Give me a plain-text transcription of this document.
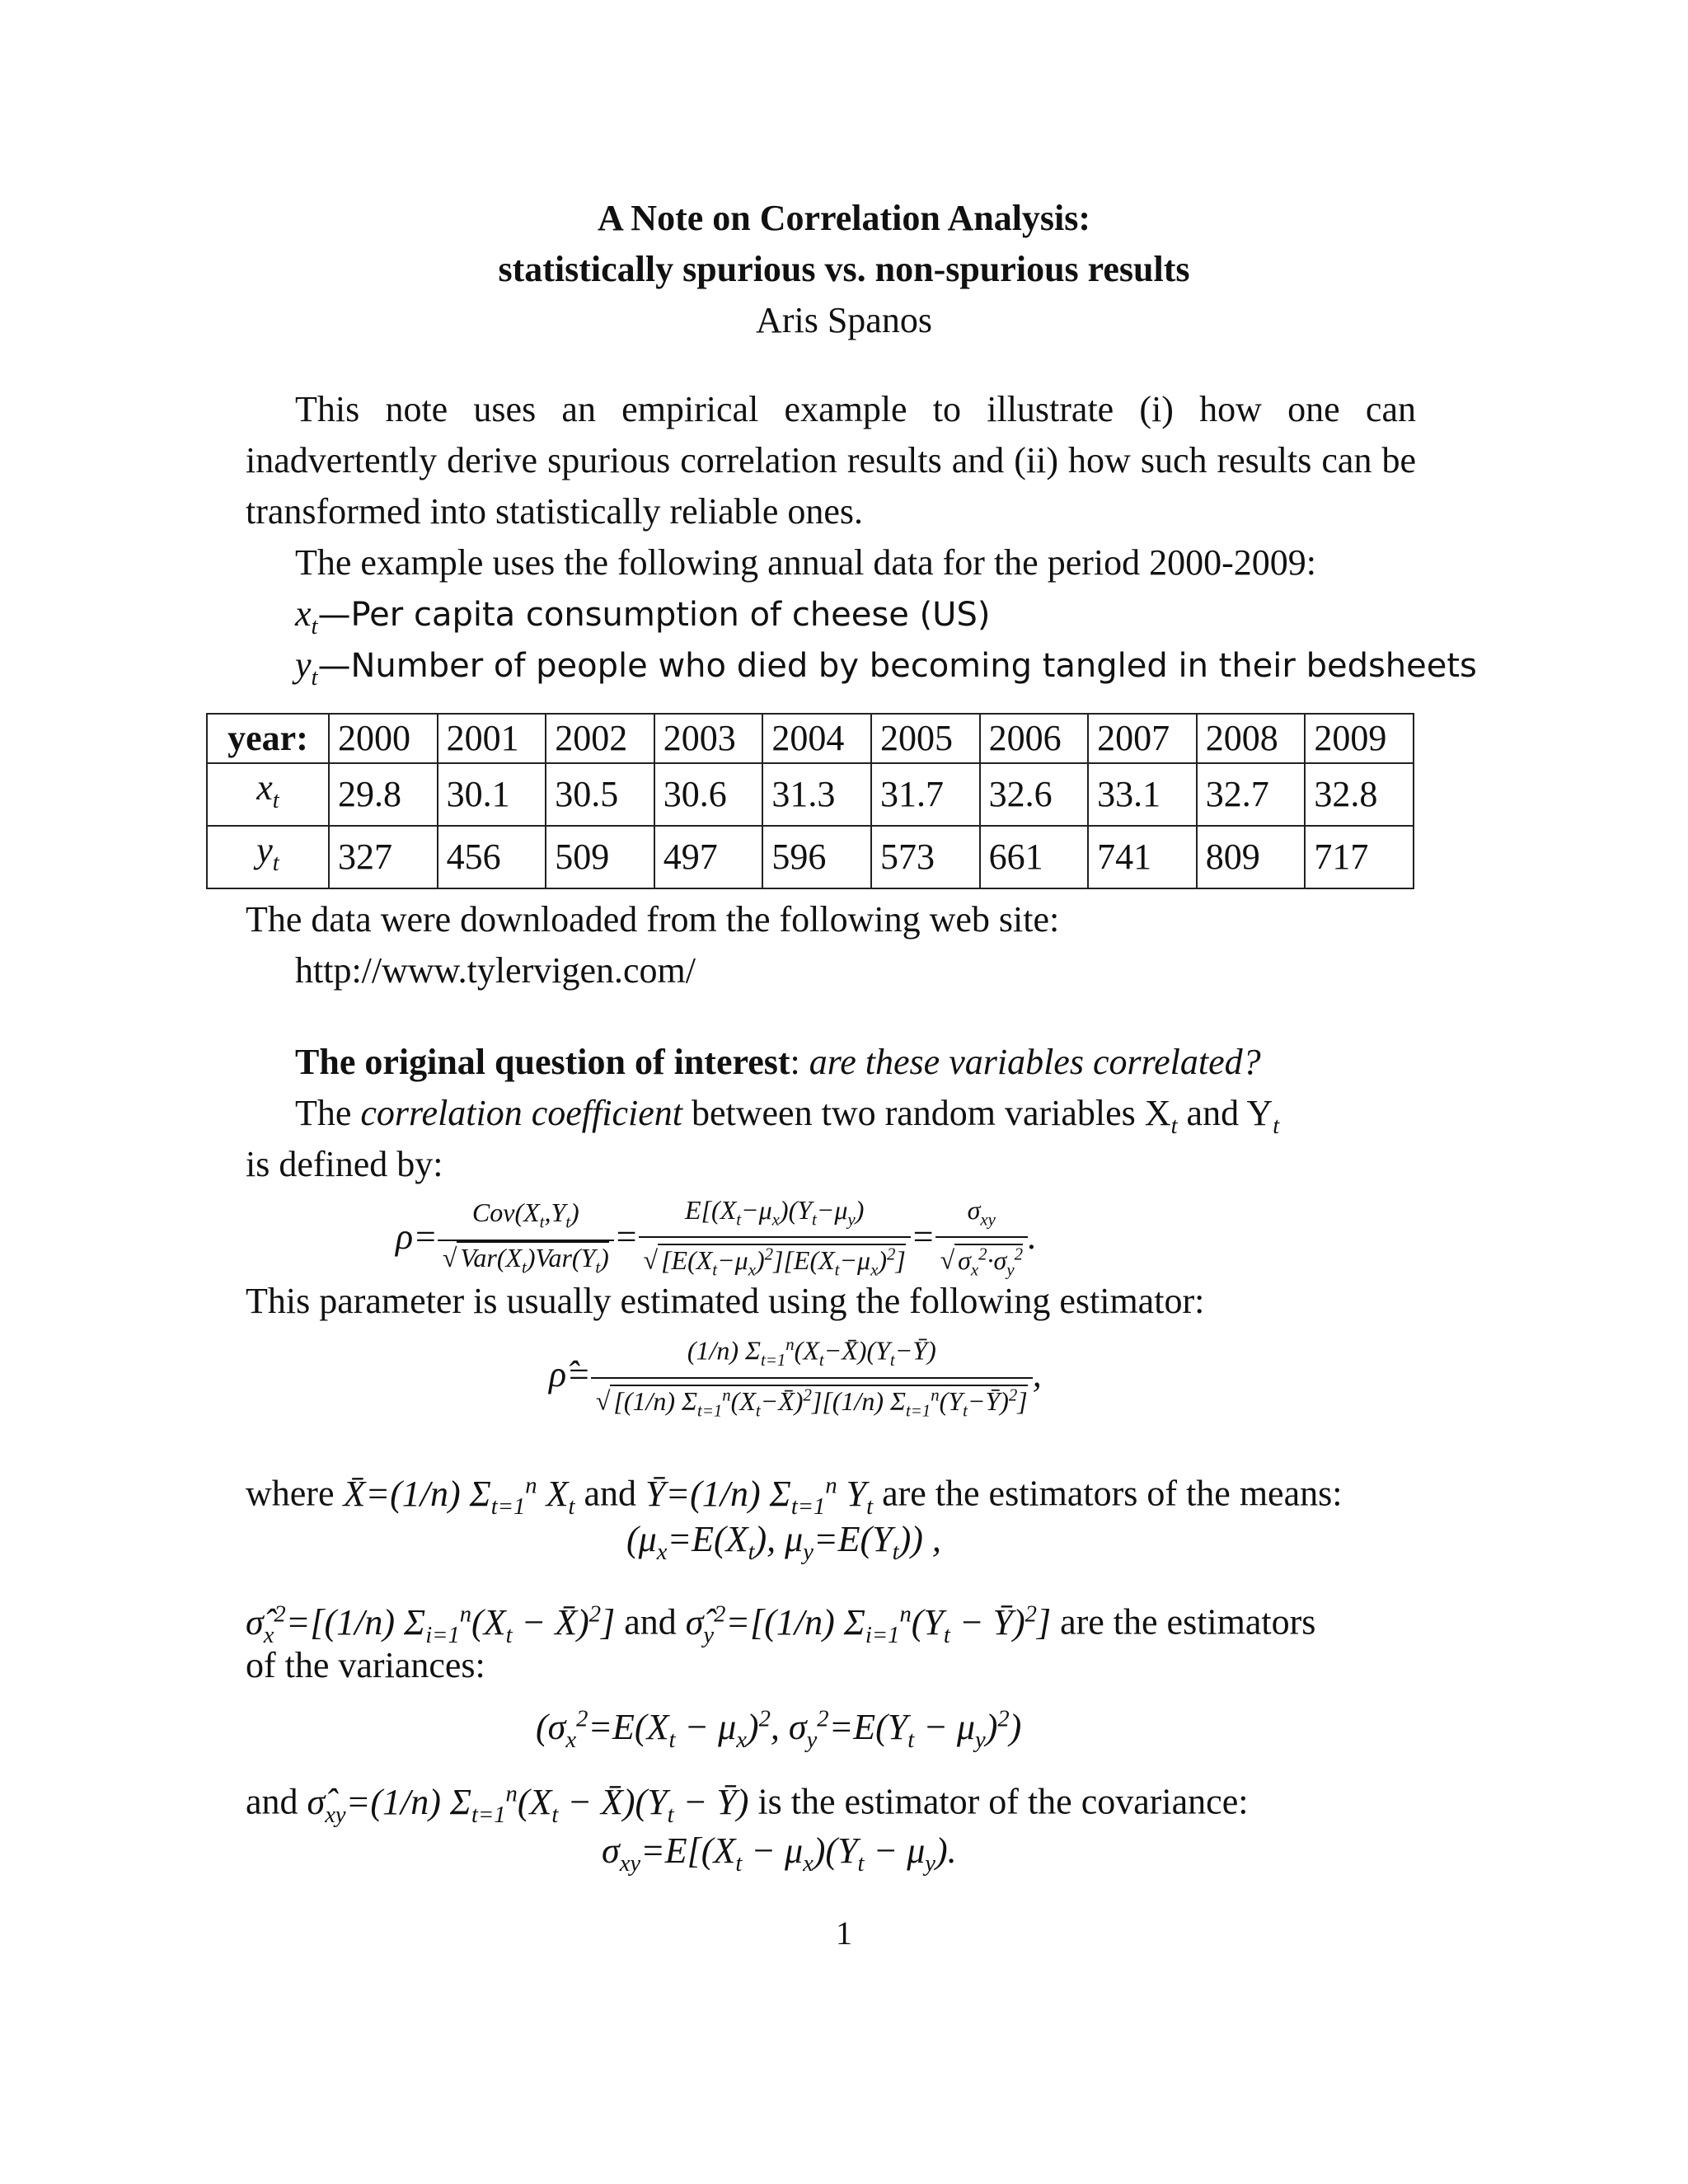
A Note on Correlation Analysis:
statistically spurious vs. non-spurious results
Aris Spanos
This note uses an empirical example to illustrate (i) how one can inadvertently derive spurious correlation results and (ii) how such results can be transformed into statistically reliable ones.
The example uses the following annual data for the period 2000-2009:
$x_t—Per$ capita consumption of cheese (US)
$y_t—Number$ of people who died by becoming tangled in their bedsheets
year:	2000	2001	2002	2003	2004	2005	2006	2007	2008	2009
$x_t$	29.8	30.1	30.5	30.6	31.3	31.7	32.6	33.1	32.7	32.8
$y_t$	327	456	509	497	596	573	661	741	809	717
The data were downloaded from the following web site:
http://www.tylervigen.com/
The original question of interest: are these variables correlated?
The correlation coefficient between two random variables $X_t$ and $Y_t$
is defined by:
$\rho= \frac{Cov(X_t,Y_t)}{√ Var(X_t)Var(Y_t)} = \frac{E[(X_t-\mu_x)(Y_t-\mu_y)}{√ [E(X_t-\mu_x)^2][E(X_t-\mu_x)^2]} = \frac{\sigma_{xy}}{√ \sigma_x^2\cdot\sigma_y^2}$ .
This parameter is usually estimated using the following estimator:
ρ̂= $\frac{(1/n) \Sigma_{t=1}^n(X_t-X̄)(Y_t-Ȳ)}{√ [(1/n) \Sigma_{t=1}^n(X_t-X̄)^2][(1/n) \Sigma_{t=1}^n(Y_t-Ȳ)^2]}$ ,
where X̄=(1/n) $\Sigma_{t=1}^n$ $X_t$ and Ȳ=(1/n) $\Sigma_{t=1}^n$ $Y_t$ are the estimators of the means:
($\mu_x=E(X_t)$, $\mu_y=E(Y_t)$) ,
$\sigmâ_x^2=[(1/n) \Sigma_{i=1}^n(X_t$ − X̄)$^2$] and $\sigmâ_y^2=[(1/n) \Sigma_{i=1}^n(Y_t$ − Ȳ)$^2$] are the estimators
of the variances:
($\sigma_x^2=E(X_t - \mu_x)^2$, $\sigma_y^2=E(Y_t - \mu_y)^2$)
and $\sigmâ_{xy}=(1/n) \Sigma_{t=1}^n(X_t$ − $X̄)(Y_t$ − Ȳ) is the estimator of the covariance:
$\sigma_{xy}=E[(X_t - \mu_x)(Y_t - \mu_y)$.
1
